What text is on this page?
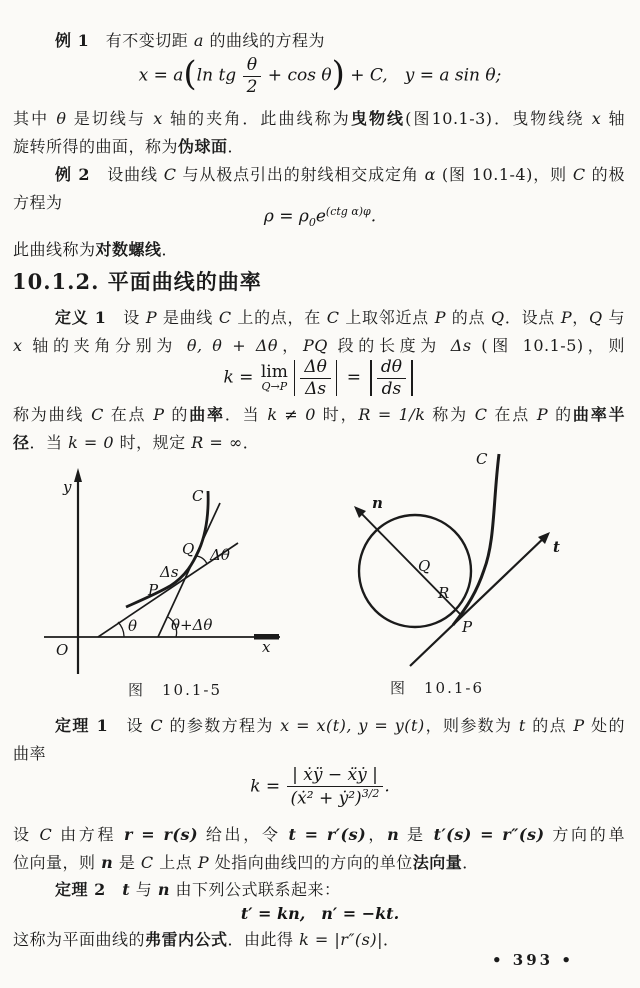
例 1　有不变切距 a 的曲线的方程为
x = a(ln tg $\frac{\theta}{2} + \cos \theta) + C$,　y = a sin θ;
其中 θ 是切线与 x 轴的夹角．此曲线称为曳物线(图10.1-3)．曳物线绕 x 轴
旋转所得的曲面，称为伪球面．
例 2　设曲线 C 与从极点引出的射线相交成定角 α (图 10.1-4)，则 C 的极
方程为
$\rho = \rho_0e^{(ctg \alpha)\varphi}$.
此曲线称为对数螺线．
10.1.2. 平面曲线的曲率
定义 1　设 P 是曲线 C 上的点，在 C 上取邻近点 P 的点 Q．设点 P，Q 与
x 轴的夹角分别为 θ, θ + Δθ，PQ 段的长度为 Δs (图 10.1-5)，则
k = lim
$Q\to P \frac{\Delta\theta}{\Delta s} = \frac{d\theta}{ds}$
称为曲线 C 在点 P 的曲率．当 k ≠ 0 时，R = 1/k 称为 C 在点 P 的曲率半
径．当 k = 0 时，规定 R = ∞．
y
x
O
C
P
Q
Δs
Δθ
θ θ+Δθ
图　10.1-5
C
n
t
Q
R
P
图　10.1-6
定理 1　设 C 的参数方程为 x = x(t), y = y(t)，则参数为 t 的点 P 处的
曲率
$k = \frac{\text{| ẋÿ − ẍẏ |}}{(ẋ^2 + ẏ^2)^{3/2}}$ .
设 C 由方程 r = r(s) 给出，令 t = r′(s)，n 是 t′(s) = r″(s) 方向的单
位向量，则 n 是 C 上点 P 处指向曲线凹的方向的单位法向量．
定理 2　 t 与 n 由下列公式联系起来：
t′ = kn,　n′ = −kt.
这称为平面曲线的弗雷内公式．由此得 k = |r″(s)|．
• 393 •
